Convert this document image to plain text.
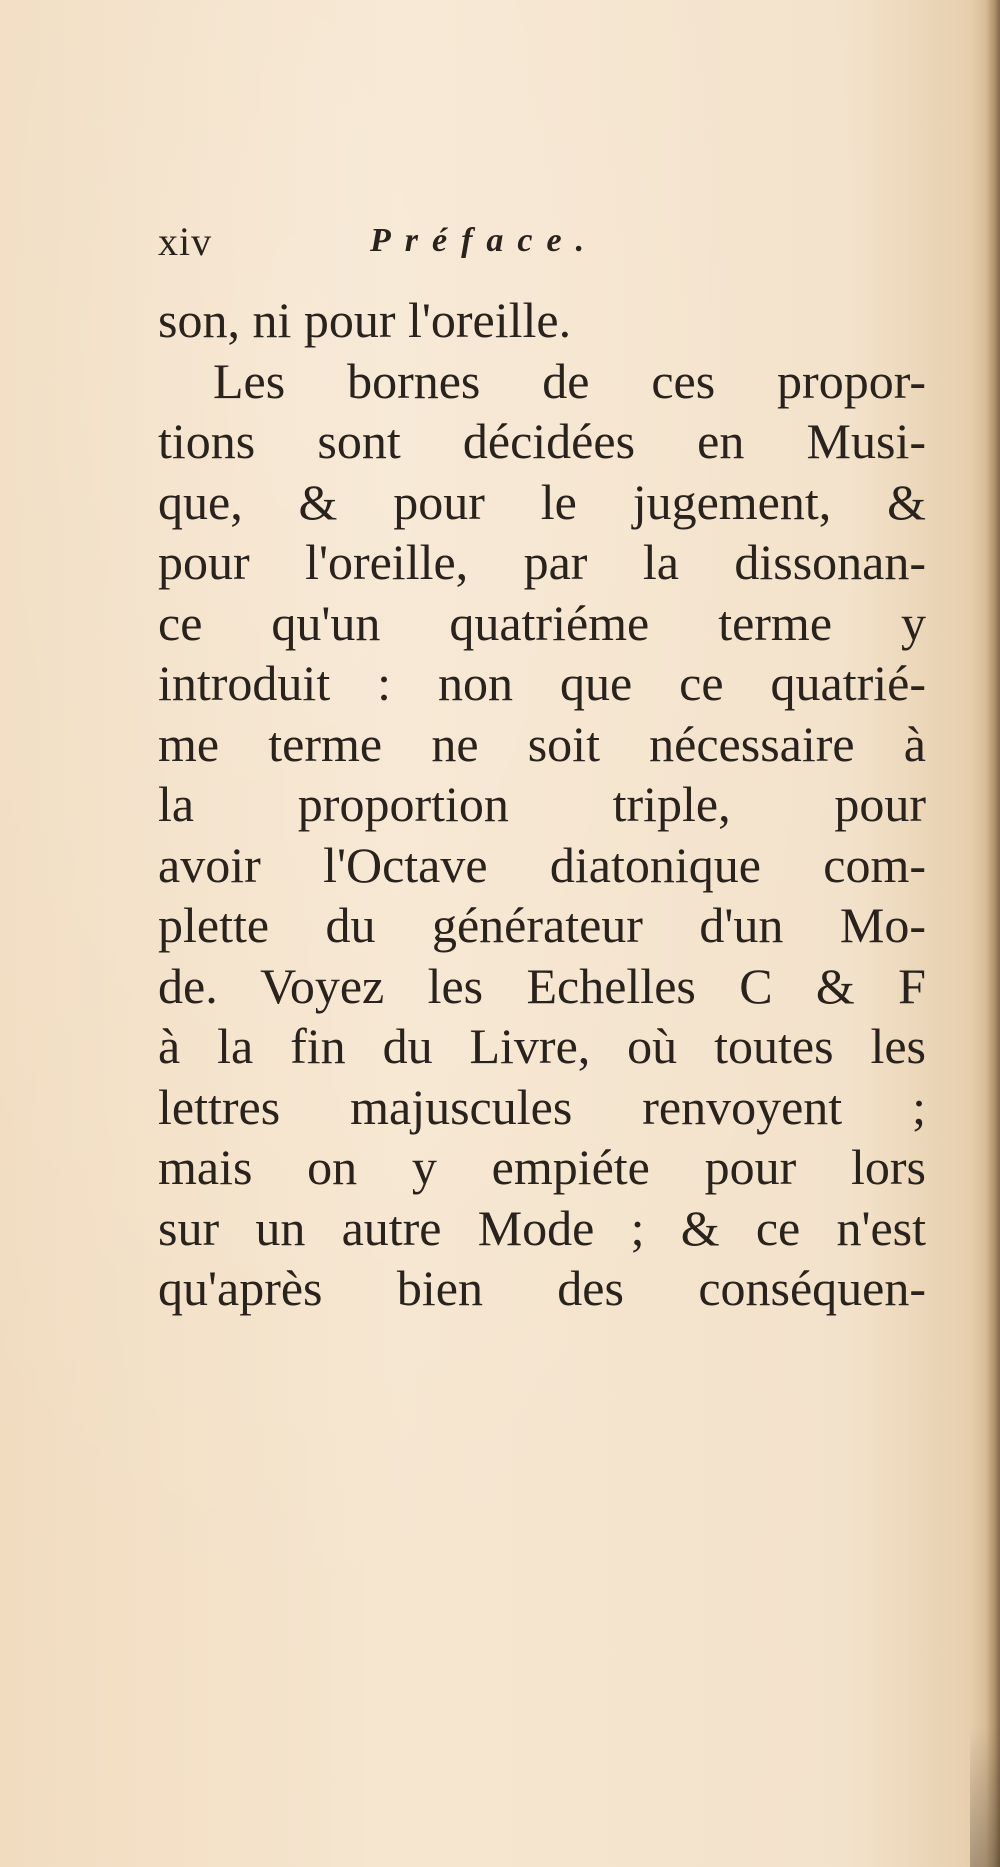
xiv	Préface.
son, ni pour l'oreille.
Les bornes de ces propor-
tions sont décidées en Musi-
que, & pour le jugement, &
pour l'oreille, par la dissonan-
ce qu'un quatriéme terme y
introduit : non que ce quatrié-
me terme ne soit nécessaire à
la proportion triple, pour
avoir l'Octave diatonique com-
plette du générateur d'un Mo-
de. Voyez les Echelles C & F
à la fin du Livre, où toutes les
lettres majuscules renvoyent ;
mais on y empiéte pour lors
sur un autre Mode ; & ce n'est
qu'après bien des conséquen-
